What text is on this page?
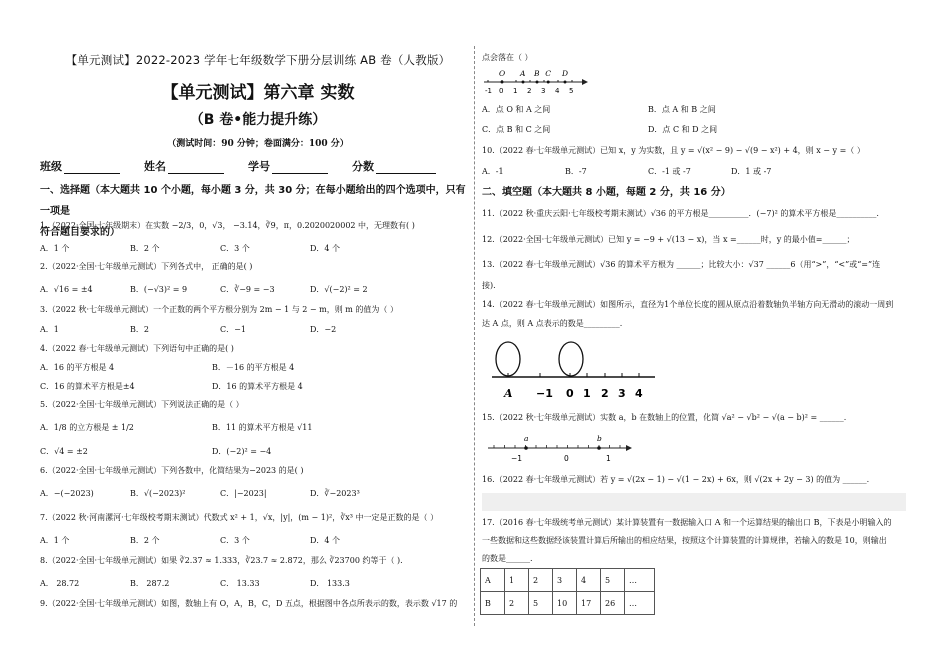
【单元测试】2022-2023 学年七年级数学下册分层训练 AB 卷（人教版）
【单元测试】第六章 实数
（B 卷•能力提升练）
（测试时间：90 分钟；卷面满分：100 分）
班级	姓名	学号	分数
一、选择题（本大题共 10 个小题，每小题 3 分，共 30 分；在每小题给出的四个选项中，只有一项是
符合题目要求的）
1.（2022·全国·七年级期末）在实数 −2/3，0，√3， −3.14，∛9，π，0.2020020002 中，无理数有( )
A．1 个	B．2 个	C．3 个	D．4 个
2.（2022·全国·七年级单元测试）下列各式中， 正确的是( )
A．√16 = ±4	B．(−√3)² = 9	C．∛−9 = −3	D．√(−2)² = 2
3.（2022 秋·七年级单元测试）一个正数的两个平方根分别为 2m − 1 与 2 − m，则 m 的值为（ ）
A．1	B．2	C．−1	D．−2
4.（2022 春·七年级单元测试）下列语句中正确的是( )
A．16 的平方根是 4	B．－16 的平方根是 4
C．16 的算术平方根是±4	D．16 的算术平方根是 4
5.（2022·全国·七年级单元测试）下列说法正确的是（ ）
A．1/8 的立方根是 ± 1/2	B．11 的算术平方根是 √11
C．√4 = ±2	D．(−2)² = −4
6.（2022·全国·七年级单元测试）下列各数中，化简结果为−2023 的是( )
A．−(−2023)	B．√(−2023)²	C．|−2023|	D．∛−2023³
7.（2022 秋·河南漯河·七年级校考期末测试）代数式 x² + 1，√x，|y|，(m − 1)²，∛x³ 中一定是正数的是（ ）
A．1 个	B．2 个	C．3 个	D．4 个
8.（2022·全国·七年级单元测试）如果 ∛2.37 ≈ 1.333，∛23.7 ≈ 2.872，那么 ∛23700 约等于（ ).
A． 28.72	B． 287.2	C． 13.33	D． 133.3
9.（2022·全国·七年级单元测试）如图，数轴上有 O，A，B，C，D 五点，根据图中各点所表示的数，表示数 √17 的
点会落在（ ）
-1 0 1 2 3 4 5
O A B C D
A．点 O 和 A 之间	B．点 A 和 B 之间
C．点 B 和 C 之间	D．点 C 和 D 之间
10.（2022 春·七年级单元测试）已知 x，y 为实数，且 y = √(x² − 9) − √(9 − x²) + 4，则 x − y =（ ）
A．-1	B．-7	C．-1 或 -7	D．1 或 -7
二、填空题（本大题共 8 小题，每题 2 分，共 16 分）
11.（2022 秋·重庆云阳·七年级校考期末测试）√36 的平方根是__________．(−7)² 的算术平方根是__________.
12.（2022·全国·七年级单元测试）已知 y = −9 + √(13 − x)，当 x =______时，y 的最小值=______；
13.（2022 春·七年级单元测试）√36 的算术平方根为 ______；比较大小：√37 ______6（用“>”，“<”或“=”连
接).
14.（2022 春·七年级单元测试）如图所示，直径为1个单位长度的圆从原点沿着数轴负半轴方向无滑动的滚动一周到
达 A 点，则 A 点表示的数是_________.
−1 0 1 2 3 4
A
15.（2022 秋·七年级单元测试）实数 a，b 在数轴上的位置，化简 √a² − √b² − √(a − b)² = ______.
−1	0	1
a	b
16.（2022 春·七年级单元测试）若 y = √(2x − 1) − √(1 − 2x) + 6x，则 √(2x + 2y − 3) 的值为 ______.
17.（2016 春·七年级统考单元测试）某计算装置有一数据输入口 A 和一个运算结果的输出口 B，下表是小明输入的
一些数据和这些数据经该装置计算后所输出的相应结果，按照这个计算装置的计算规律，若输入的数是 10，则输出
的数是______.
A	1	2	3	4	5	…
B	2	5	10	17	26	…
